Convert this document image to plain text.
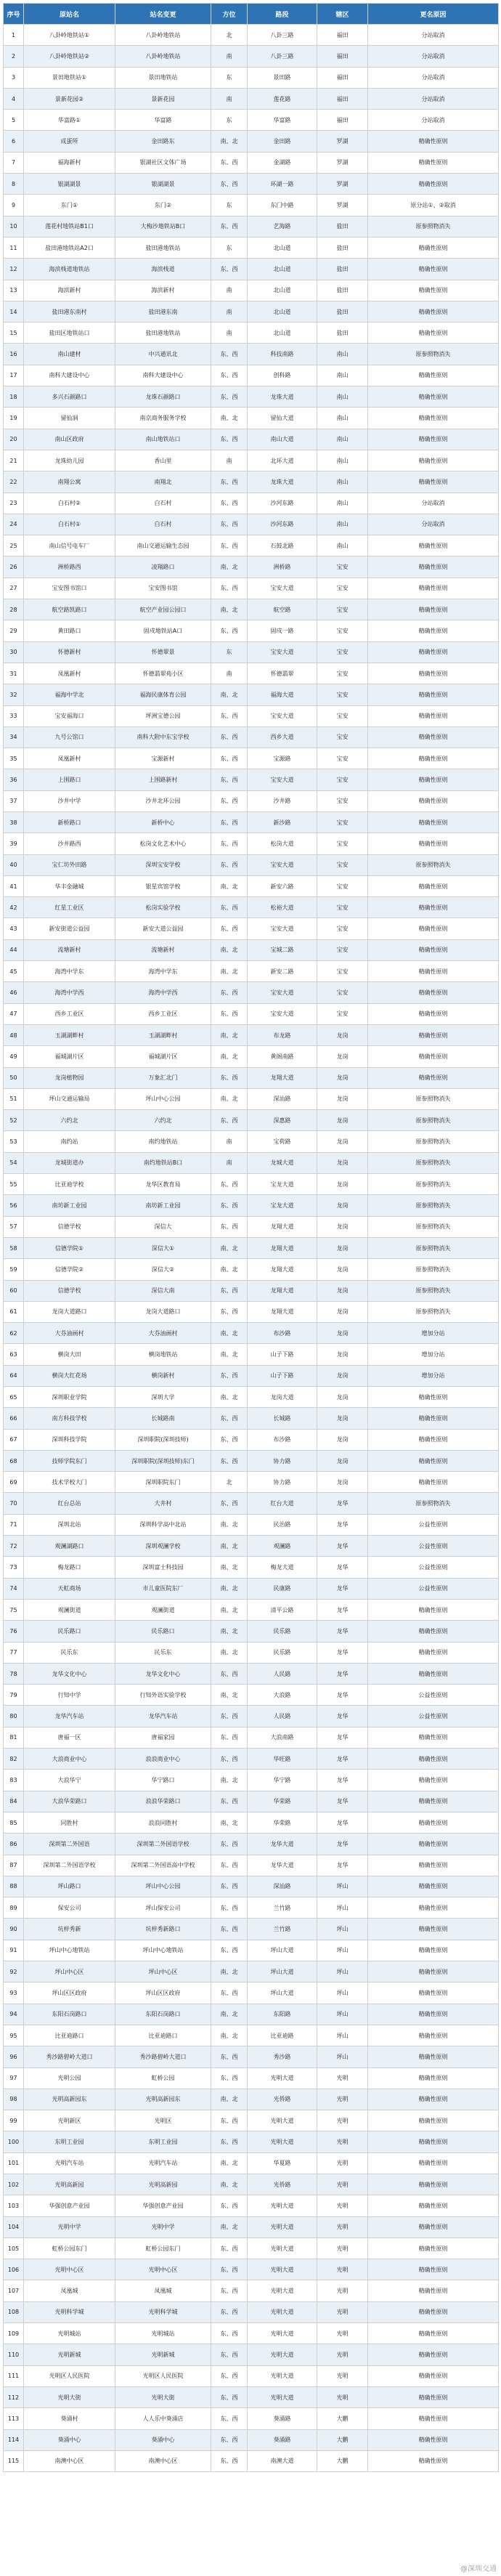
序号	原站名	站名变更	方位	路段	辖区	更名原因
1	八卦岭地铁站①	八卦岭地铁站	北	八卦三路	福田	分站取消
2	八卦岭地铁站②	八卦岭地铁站	南	八卦三路	福田	分站取消
3	景田地铁站①	景田地铁站	东	景田路	福田	分站取消
4	景新花园②	景新花园	南	莲花路	福田	分站取消
5	华富路①	华富路	东	华富路	福田	分站取消
6	成蛋所	金田路东	南、北	金田路	罗湖	精确性原则
7	福海新村	银湖社区文体广场	东、西	金湖路	罗湖	精确性原则
8	银湖湖景	银湖湖景	东、西	环湖一路	罗湖	精确性原则
9	东门①	东门②	东	东门中路	罗湖	原分站①、②取消
10	莲花村地铁站B1口	大梅沙地铁站B口	东、西	艺海路	盐田	原参照物消失
11	盐田港地铁站A2口	盐田港地铁站	东	北山道	盐田	精确性原则
12	海滨栈道地铁站	海滨栈道	东、西	北山道	盐田	精确性原则
13	海滨新村	海滨新村	南	北山道	盐田	精确性原则
14	盐田港东南村	盐田港东南	南	北山道	盐田	精确性原则
15	盐田区地铁站口	盐田港地铁站	南	北山道	盐田	精确性原则
16	南山建材	中兴通讯北	东、西	科技南路	南山	原参照物消失
17	南科大建设中心	南科大建设中心	东、西	创科路	南山	精确性原则
18	多兴石颜路口	龙珠石颜路口	东、西	龙珠大道	南山	精确性原则
19	留仙洞	南京商务服务学校	南、北	留仙大道	南山	精确性原则
20	南山区政府	南山地铁站口	东、西	南山大道	南山	精确性原则
21	龙珠幼儿园	香山里	南	北环大道	南山	精确性原则
22	南翔公寓	南翔北	东、西	龙珠大道	南山	精确性原则
23	白石村②	白石村	东、西	沙河东路	南山	分站取消
24	白石村①	白石村	东、西	沙河东路	南山	分站取消
25	南山信号电车厂	南山交通运输生态园	东、西	石鼓北路	南山	精确性原则
26	洲桥路西	凌翔路口	南、北	洲桥路	宝安	精确性原则
27	宝安图书馆口	宝安图书馆	东、西	宝安大道	宝安	精确性原则
28	航空路凯路口	航空产业园公园口	南、北	航空路	宝安	精确性原则
29	黄田路口	固戍地铁站A口	东、西	固戍一路	宝安	精确性原则
30	怀德新村	怀德翠景	东	宝安大道	宝安	精确性原则
31	凤凰新村	怀德翡翠苑小区	南	怀德翡翠	宝安	精确性原则
32	福海中学北	福海民康体育公园	南、北	福海大道	宝安	精确性原则
33	宝安福海口	坪洲宝德公园	东、西	宝安大道	宝安	精确性原则
34	九号公馆口	南科大附中东宝学校	东、西	西乡大道	宝安	精确性原则
35	凤凰新村	宝源新村	东、西	宝源路	宝安	精确性原则
36	上围路口	上围路新村	东、西	宝安大道	宝安	精确性原则
37	沙井中学	沙井北环公园	东、西	沙井路	宝安	精确性原则
38	新桥路口	新桥中心	东、西	新沙路	宝安	精确性原则
39	沙井路西	松岗文化艺术中心	东、西	松岗大道	宝安	精确性原则
40	宝仁坊外田路	深圳宝安学校	东、西	宝安大道	宝安	原参照物消失
41	华丰金融城	银星宾馆学校	南、北	新安六路	宝安	精确性原则
42	红星工业区	松岗实验学校	东、西	松裕大道	宝安	精确性原则
43	新安街道公益园	新安大道公益园	东、西	宝安大道	宝安	精确性原则
44	流塘新村	流塘新村	南、北	宝城二路	宝安	精确性原则
45	海湾中学东	海湾中学东	南、北	新安二路	宝安	精确性原则
46	海湾中学西	海湾中学西	东、西	宝安大道	宝安	精确性原则
47	西乡工业区	西乡工业区	东、西	宝安大道	宝安	精确性原则
48	玉湖湖畔村	玉湖湖畔村	南、北	布龙路	龙岗	精确性原则
49	福城湖片区	福城湖片区	南、北	黄阁南路	龙岗	精确性原则
50	龙岗植物园	万象汇北门	东、西	龙翔大道	龙岗	精确性原则
51	坪山交通运输局	坪山中心公园	南、北	深汕路	龙岗	原参照物消失
52	六约北	六约北	东、西	深惠路	龙岗	原参照物消失
53	南约站	南约地铁站	南	宝荷路	龙岗	原参照物消失
54	龙城街道办	南约地铁站B口	南	龙城大道	龙岗	原参照物消失
55	比亚迪学校	龙华区教育局	东、西	宝龙大道	龙岗	原参照物消失
56	南坊新工业园	南坊新工业园	东、西	宝龙大道	龙岗	原参照物消失
57	信德学校	深信大	东、西	龙翔大道	龙岗	原参照物消失
58	信德学院①	深信大①	南、北	龙翔大道	龙岗	原参照物消失
59	信德学院②	深信大②	南、北	龙翔大道	龙岗	原参照物消失
60	信德学校	深信大南	东、西	龙翔大道	龙岗	原参照物消失
61	龙岗大道路口	龙岗大道路口	东、西	龙翔大道	龙岗	原参照物消失
62	大芬油画村	大芬油画村	南、北	布沙路	龙岗	增加分站
63	横岗大田	横岗地铁站	南、北	山子下路	龙岗	增加分站
64	横岗大红花场	横岗新村	东、西	山子下路	龙岗	增加分站
65	深圳职业学院	深圳大学	南、北	龙岗大道	龙岗	精确性原则
66	南方科技学校	长城路南	东、西	长城路	龙岗	精确性原则
67	深圳科技学院	深圳职院(深圳技师)	东、西	布沙路	龙岗	精确性原则
68	技师学院东门	深圳职院(深圳技师)东门	东、西	协力路	龙岗	精确性原则
69	技术学校大门	深圳职院东门	北	协力路	龙岗	精确性原则
70	红台总站	大井村	东、西	红台大道	龙华	原参照物消失
71	深圳北站	深圳科学高中北站	南、北	民治路	龙华	公益性原则
72	观澜湖路口	深圳观澜学校	南、北	观澜路	龙华	公益性原则
73	梅龙路口	深圳富士科技园	南、北	梅龙大道	龙华	公益性原则
74	天虹商场	市儿童医院东厂	南、北	民康路	龙华	公益性原则
75	观澜街道	观澜街道	南、北	清平公路	龙华	精确性原则
76	民乐路口	民乐路口	南、北	民乐路	龙华	精确性原则
77	民乐东	民乐东	南、北	民乐路	龙华	精确性原则
78	龙华文化中心	龙华文化中心	东、西	人民路	龙华	精确性原则
79	行知中学	行知外语实验学校	南、北	大浪路	龙华	公益性原则
80	龙华汽车站	龙华汽车站	东、西	人民路	龙华	公益性原则
81	唐福一区	唐福家园	东、西	大浪南路	龙华	精确性原则
82	大浪商业中心	浪浪商业中心	东、西	华旺路	龙华	精确性原则
83	大浪华宁	华宁路口	南、北	华宁路	龙华	精确性原则
84	大浪华荣路口	浪浪华荣路口	东、西	华荣路	龙华	精确性原则
85	同胜村	浪浪同胜村	南、北	华荣路	龙华	精确性原则
86	深圳第二外国语	深圳第二外国语学校	东、西	龙华大道	龙华	精确性原则
87	深圳第二外国语学校	深圳第二外国语高中学校	东、西	龙华大道	龙华	精确性原则
88	坪山路口	坪山中心公园	东、西	深汕路	坪山	精确性原则
89	保安公司	坪山保安公司	东、西	兰竹路	坪山	精确性原则
90	坑梓秀新	坑梓秀新路口	东、西	兰竹路	坪山	精确性原则
91	坪山中心地铁站	坪山中心地铁站	东、西	坪山大道	坪山	精确性原则
92	坪山中心区	坪山中心区	南、北	坪山大道	坪山	精确性原则
93	坪山区区政府	坪山区区政府	东、西	坪山大道	坪山	精确性原则
94	东阳石岗路口	东阳石岗路口	南、北	东阳路	坪山	精确性原则
95	比亚迪路口	比亚迪路口	南、北	比亚迪路	坪山	精确性原则
96	秀沙路碧岭大道口	秀沙路碧岭大道口	东、西	秀沙路	坪山	精确性原则
97	光明公园	虹桥公园	东、西	光明大道	光明	精确性原则
98	光明高新园东	光明高新园东	南、北	光侨路	光明	精确性原则
99	光明新区	光明区	东、西	光明大道	光明	精确性原则
100	东明工业园	东明工业园	东、西	光明大道	光明	精确性原则
101	光明汽车站	光明汽车站	南、北	华夏路	光明	精确性原则
102	光明高新园	光明高新园	南、北	光侨路	光明	精确性原则
103	华强创意产业园	华强创意产业园	东、西	光明大道	光明	精确性原则
104	光明中学	光明中学	南、北	光明大道	光明	精确性原则
105	虹桥公园东门	虹桥公园东门	东、西	光明大道	光明	精确性原则
106	光明中心区	光明中心区	东、西	光明大道	光明	精确性原则
107	凤凰城	凤凰城	东、西	光明大道	光明	精确性原则
108	光明科学城	光明科学城	东、西	光明大道	光明	精确性原则
109	光明城站	光明城站	东、西	光明大道	光明	精确性原则
110	光明新城	光明新城	东、西	光明大道	光明	精确性原则
111	光明区人民医院	光明区人民医院	东、西	光明大道	光明	精确性原则
112	光明大街	光明大街	东、西	光明大道	光明	精确性原则
113	葵涌村	人人乐中葵涌店	东、西	葵涌路	大鹏	精确性原则
114	葵涌中心	葵涌中心	东、西	葵涌路	大鹏	精确性原则
115	南澳中心区	南澳中心区	东、西	南澳大道	大鹏	精确性原则
@深圳交通
